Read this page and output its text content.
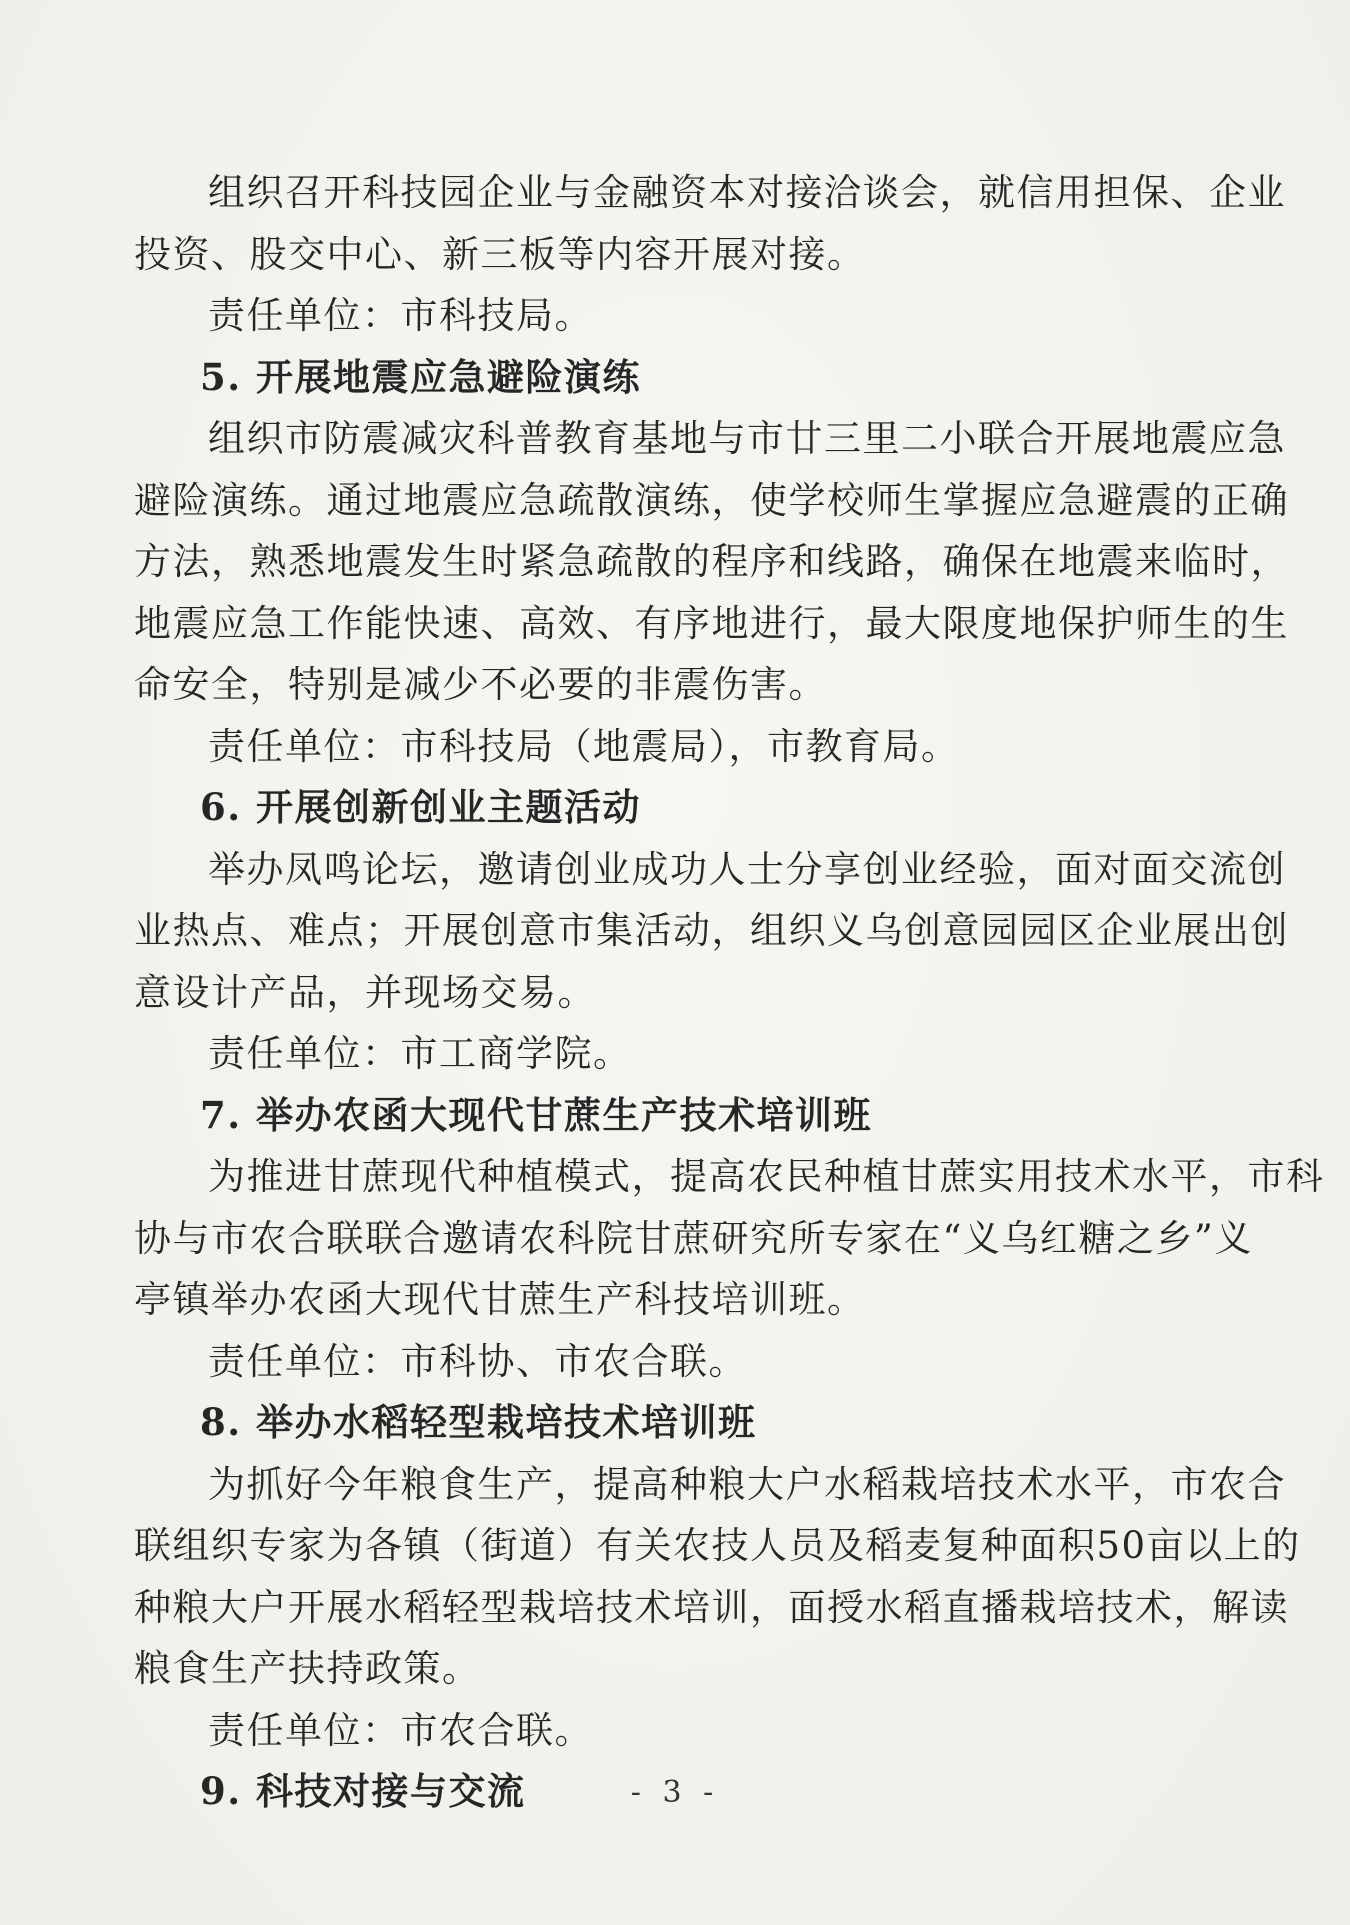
组织召开科技园企业与金融资本对接洽谈会，就信用担保、企业
投资、股交中心、新三板等内容开展对接。
责任单位：市科技局。
5. 开展地震应急避险演练
组织市防震减灾科普教育基地与市廿三里二小联合开展地震应急
避险演练。通过地震应急疏散演练，使学校师生掌握应急避震的正确
方法，熟悉地震发生时紧急疏散的程序和线路，确保在地震来临时，
地震应急工作能快速、高效、有序地进行，最大限度地保护师生的生
命安全，特别是减少不必要的非震伤害。
责任单位：市科技局（地震局），市教育局。
6. 开展创新创业主题活动
举办凤鸣论坛，邀请创业成功人士分享创业经验，面对面交流创
业热点、难点；开展创意市集活动，组织义乌创意园园区企业展出创
意设计产品，并现场交易。
责任单位：市工商学院。
7. 举办农函大现代甘蔗生产技术培训班
为推进甘蔗现代种植模式，提高农民种植甘蔗实用技术水平，市科
协与市农合联联合邀请农科院甘蔗研究所专家在“义乌红糖之乡”义
亭镇举办农函大现代甘蔗生产科技培训班。
责任单位：市科协、市农合联。
8. 举办水稻轻型栽培技术培训班
为抓好今年粮食生产，提高种粮大户水稻栽培技术水平，市农合
联组织专家为各镇（街道）有关农技人员及稻麦复种面积50亩以上的
种粮大户开展水稻轻型栽培技术培训，面授水稻直播栽培技术，解读
粮食生产扶持政策。
责任单位：市农合联。
9. 科技对接与交流	- 3 -
